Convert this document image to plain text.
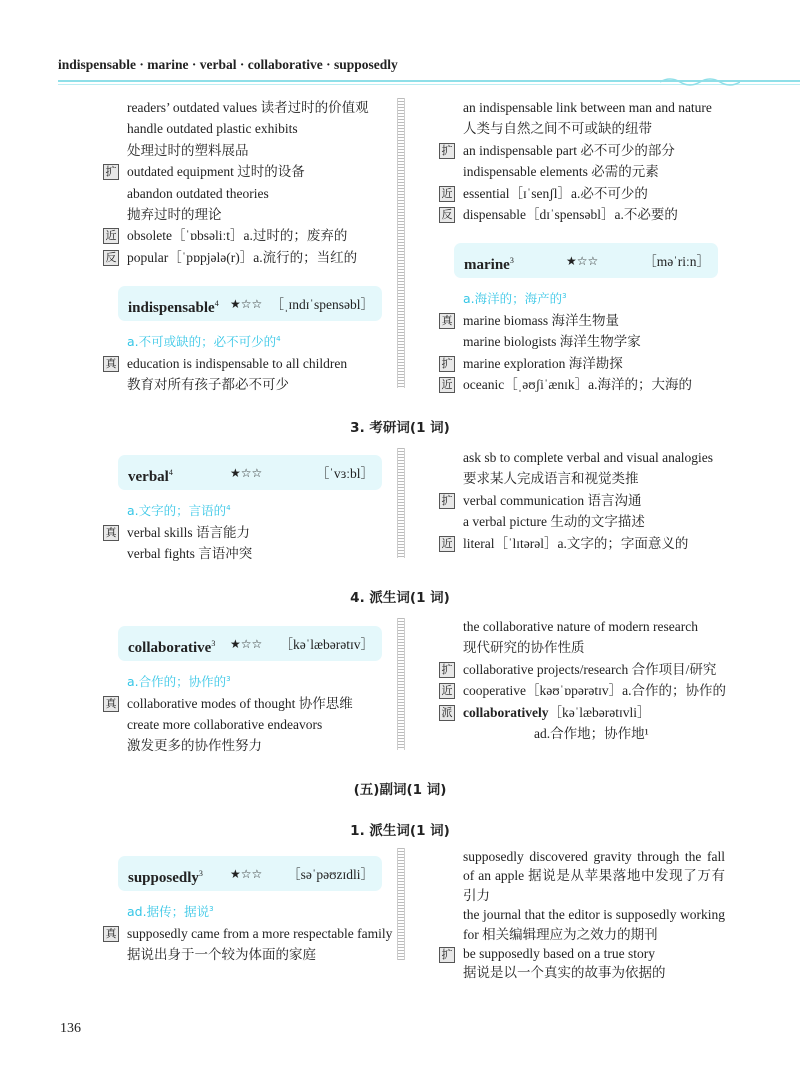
indispensable · marine · verbal · collaborative · supposedly
readers’ outdated values 读者过时的价值观
handle outdated plastic exhibits
处理过时的塑料展品
扩 outdated equipment 过时的设备
abandon outdated theories
抛弃过时的理论
近 obsolete［ˈɒbsəliːt］a.过时的；废弃的
反 popular［ˈpɒpjələ(r)］a.流行的；当红的
indispensable$^4$ ★☆☆ ［ˌɪndɪˈspensəbl］
a.不可或缺的；必不可少的$^4$
真 education is indispensable to all children
教育对所有孩子都必不可少
an indispensable link between man and nature
人类与自然之间不可或缺的纽带
扩 an indispensable part 必不可少的部分
indispensable elements 必需的元素
近 essential［ɪˈsenʃl］a.必不可少的
反 dispensable［dɪˈspensəbl］a.不必要的
marine$^3$	★☆☆	［məˈriːn］
a.海洋的；海产的$^3$
真 marine biomass 海洋生物量
marine biologists 海洋生物学家
扩 marine exploration 海洋勘探
近 oceanic［ˌəʊʃiˈænɪk］a.海洋的；大海的
3. 考研词(1 词)
verbal$^4$	★☆☆	［ˈvɜːbl］
a.文字的；言语的$^4$
真 verbal skills 语言能力
verbal fights 言语冲突
ask sb to complete verbal and visual analogies
要求某人完成语言和视觉类推
扩 verbal communication 语言沟通
a verbal picture 生动的文字描述
近 literal［ˈlɪtərəl］a.文字的；字面意义的
4. 派生词(1 词)
collaborative$^3$ ★☆☆ ［kəˈlæbərətɪv］
a.合作的；协作的$^3$
真 collaborative modes of thought 协作思维
create more collaborative endeavors
激发更多的协作性努力
the collaborative nature of modern research
现代研究的协作性质
扩 collaborative projects/research 合作项目/研究
近 cooperative［kəʊˈɒpərətɪv］a.合作的；协作的
派 collaboratively［kəˈlæbərətɪvli］
ad.合作地；协作地¹
(五)副词(1 词)
1. 派生词(1 词)
supposedly$^3$ ★☆☆ ［səˈpəʊzɪdli］
ad.据传；据说$^3$
真 supposedly came from a more respectable family
据说出身于一个较为体面的家庭
supposedly discovered gravity through the fall of an apple 据说是从苹果落地中发现了万有引力
the journal that the editor is supposedly working for 相关编辑理应为之效力的期刊
扩 be supposedly based on a true story
据说是以一个真实的故事为依据的
136
